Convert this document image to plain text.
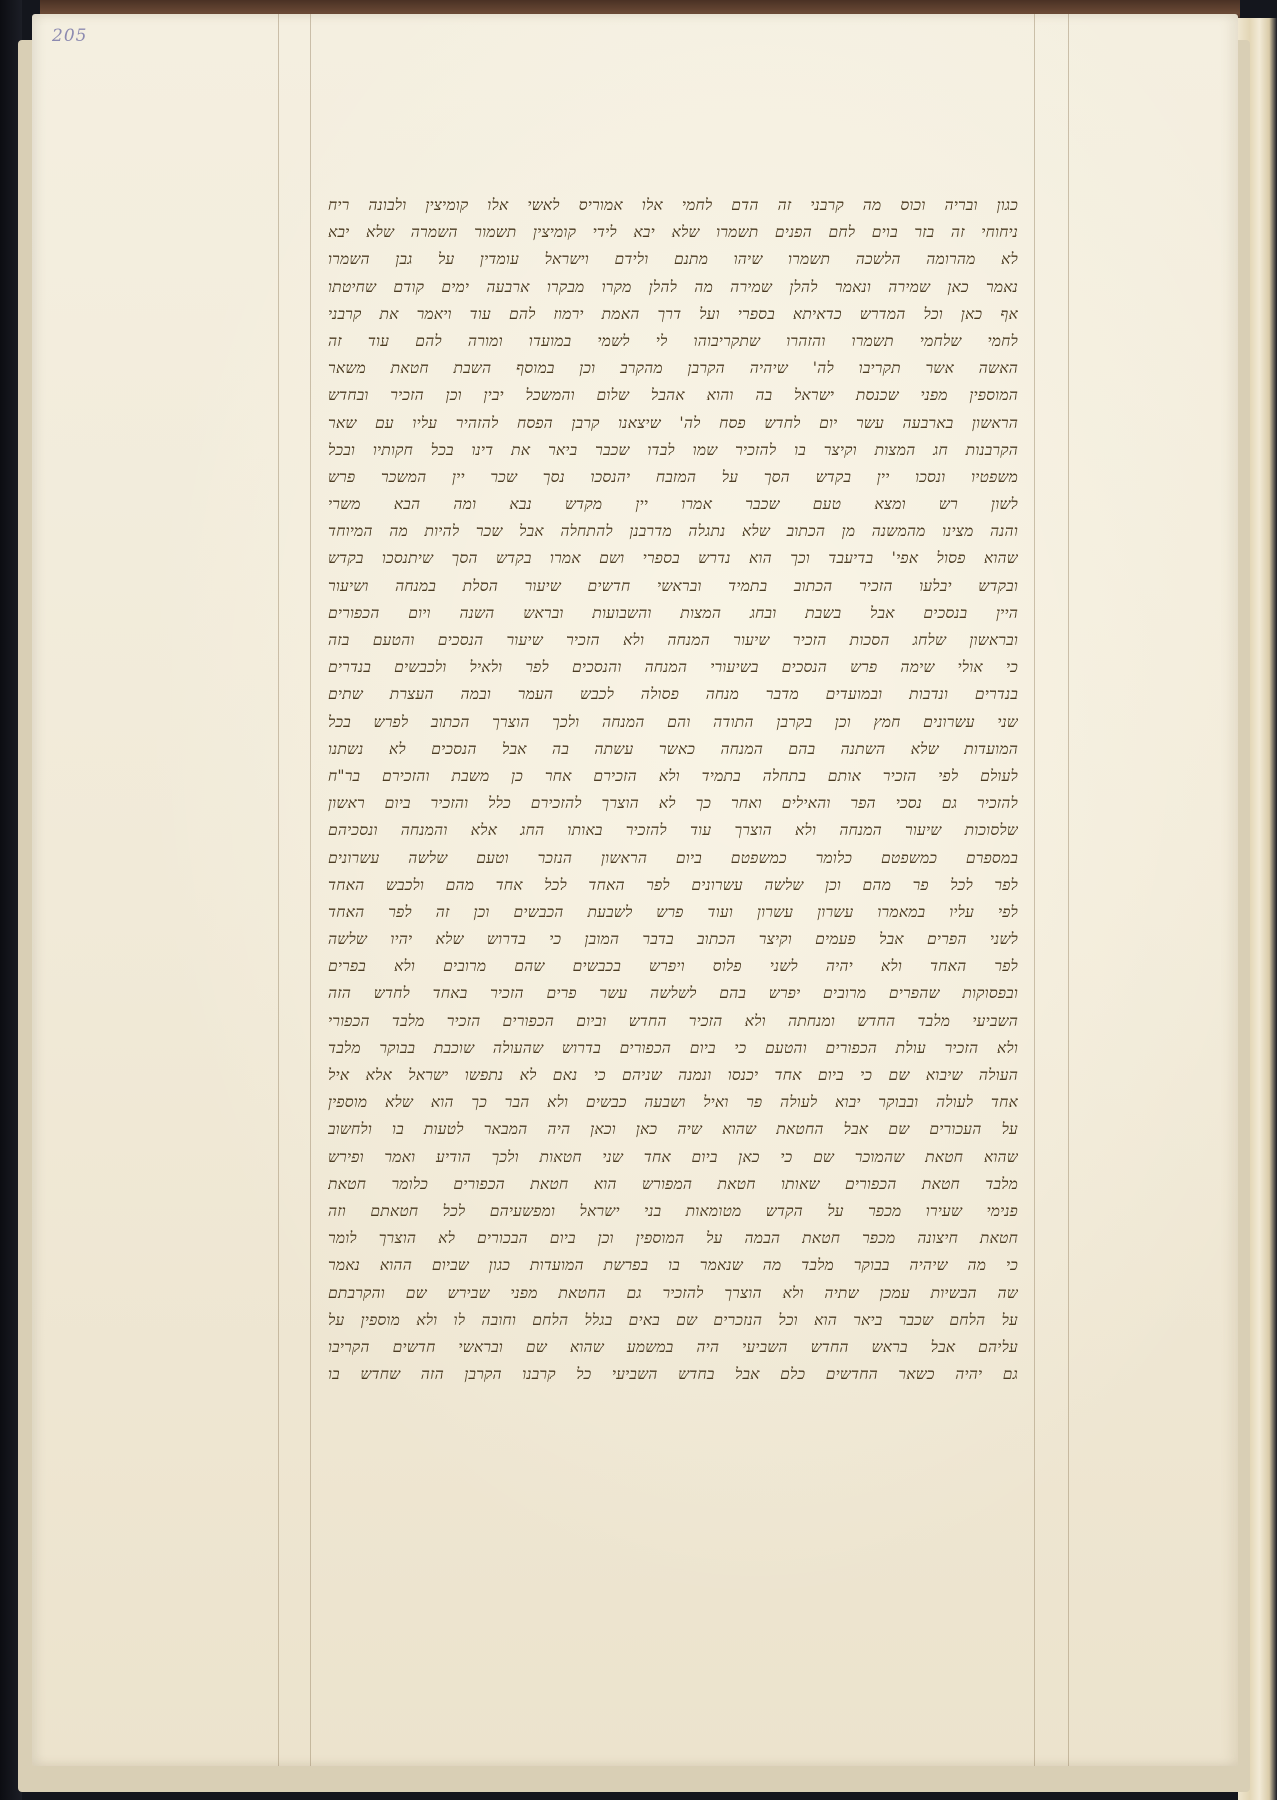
205
כגון ובריה וכוס מה קרבני זה הדם לחמי אלו אמוריס לאשי אלו קומיצין ולבונה ריח
ניחוחי זה בזר בוים לחם הפנים תשמרו שלא יבא לידי קומיצין תשמור השמרה שלא יבא
לא מהרומה הלשכה תשמרו שיהו מתנם ולידם וישראל עומדין על גבן השמרו
נאמר כאן שמירה ונאמר להלן שמירה מה להלן מקרו מבקרו ארבעה ימים קודם שחיטתו
אף כאן וכל המדרש כדאיתא בספרי ועל דרך האמת ירמוז להם עוד ויאמר את קרבני
לחמי שלחמי תשמרו והזהרו שתקריבוהו לי לשמי במועדו ומורה להם עוד זה
האשה אשר תקריבו לה' שיהיה הקרבן מהקרב וכן במוסף השבת חטאת משאר
המוספין מפני שכנסת ישראל בה והוא אהבל שלום והמשכל יבין וכן הזכיר ובחדש
הראשון בארבעה עשר יום לחדש פסח לה' שיצאנו קרבן הפסח להזהיר עליו עם שאר
הקרבנות חג המצות וקיצר בו להזכיר שמו לבדו שכבר ביאר את דינו בכל חקותיו ובכל
משפטיו ונסכו יין בקדש הסך על המזבח יהנסכו נסך שכר יין המשכר פרש
לשון רש ומצא טעם שכבר אמרו יין מקדש נבא ומה הבא משרי
והנה מצינו מהמשנה מן הכתוב שלא נתגלה מדרבנן להתחלה אבל שכר להיות מה המיוחד
שהוא פסול אפי' בדיעבד וכך הוא נדרש בספרי ושם אמרו בקדש הסך שיתנסכו בקדש
ובקדש יבלעו הזכיר הכתוב בתמיד ובראשי חדשים שיעור הסלת במנחה ושיעור
היין בנסכים אבל בשבת ובחג המצות והשבועות ובראש השנה ויום הכפורים
ובראשון שלחג הסכות הזכיר שיעור המנחה ולא הזכיר שיעור הנסכים והטעם בזה
כי אולי שימה פרש הנסכים בשיעורי המנחה והנסכים לפר ולאיל ולכבשים בנדרים
בנדרים ונדבות ובמועדים מדבר מנחה פסולה לכבש העמר ובמה העצרת שתים
שני עשרונים חמץ וכן בקרבן התודה והם המנחה ולכך הוצרך הכתוב לפרש בכל
המועדות שלא השתנה בהם המנחה כאשר עשתה בה אבל הנסכים לא נשתנו
לעולם לפי הזכיר אותם בתחלה בתמיד ולא הזכירם אחר כן משבת והזכירם בר"ח
להזכיר גם נסכי הפר והאילים ואחר כך לא הוצרך להזכירם כלל והזכיר ביום ראשון
שלסוכות שיעור המנחה ולא הוצרך עוד להזכיר באותו החג אלא והמנחה ונסכיהם
במספרם כמשפטם כלומר כמשפטם ביום הראשון הנזכר וטעם שלשה עשרונים
לפר לכל פר מהם וכן שלשה עשרונים לפר האחד לכל אחד מהם ולכבש האחד
לפי עליו במאמרו עשרון עשרון ועוד פרש לשבעת הכבשים וכן זה לפר האחד
לשני הפרים אבל פעמים וקיצר הכתוב בדבר המובן כי בדרוש שלא יהיו שלשה
לפר האחד ולא יהיה לשני פלוס ויפרש בכבשים שהם מרובים ולא בפרים
ובפסוקות שהפרים מרובים יפרש בהם לשלשה עשר פרים הזכיר באחד לחדש הזה
השביעי מלבד החדש ומנחתה ולא הזכיר החדש וביום הכפורים הזכיר מלבד הכפורי
ולא הזכיר עולת הכפורים והטעם כי ביום הכפורים בדרוש שהעולה שוכבת בבוקר מלבד
העולה שיבוא שם כי ביום אחד יכנסו ונמנה שניהם כי נאם לא נתפשו ישראל אלא איל
אחד לעולה ובבוקר יבוא לעולה פר ואיל ושבעה כבשים ולא הבר כך הוא שלא מוספין
על העכורים שם אבל החטאת שהוא שיה כאן וכאן היה המבאר לטעות בו ולחשוב
שהוא חטאת שהמוכר שם כי כאן ביום אחד שני חטאות ולכך הודיע ואמר ופירש
מלבד חטאת הכפורים שאותו חטאת המפורש הוא חטאת הכפורים כלומר חטאת
פנימי שעירו מכפר על הקדש מטומאות בני ישראל ומפשעיהם לכל חטאתם וזה
חטאת חיצונה מכפר חטאת הבמה על המוספין וכן ביום הבכורים לא הוצרך לומר
כי מה שיהיה בבוקר מלבד מה שנאמר בו בפרשת המועדות כגון שביום ההוא נאמר
שה הבשיות עמכן שתיה ולא הוצרך להזכיר גם החטאת מפני שבירש שם והקרבתם
על הלחם שכבר ביאר הוא וכל הנזכרים שם באים בגלל הלחם וחובה לו ולא מוספין על
עליהם אבל בראש החדש השביעי היה במשמע שהוא שם ובראשי חדשים הקריבו
גם יהיה כשאר החדשים כלם אבל בחדש השביעי כל קרבנו הקרבן הזה שחדש בו
